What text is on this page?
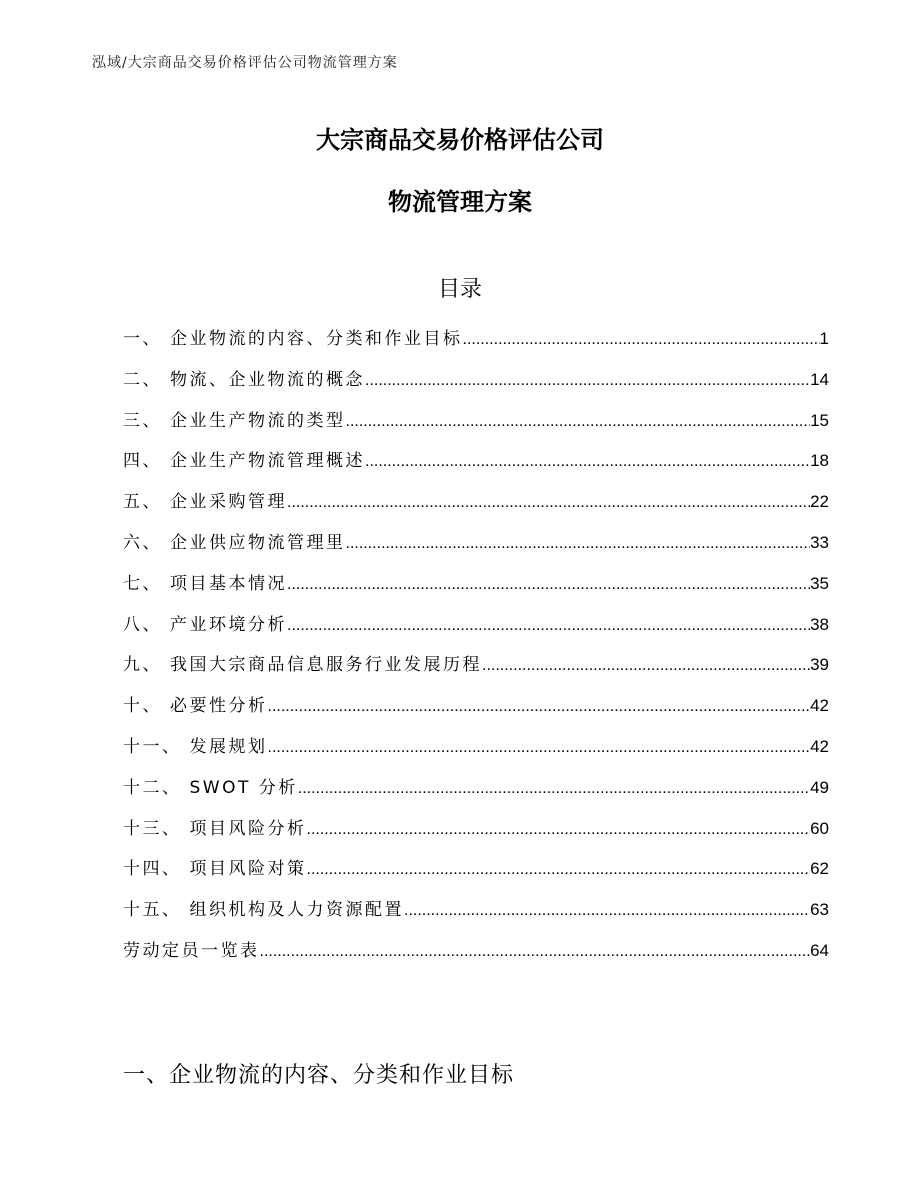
泓域/大宗商品交易价格评估公司物流管理方案
大宗商品交易价格评估公司
物流管理方案
目录
一、 企业物流的内容、分类和作业目标 .....	1
二、 物流、企业物流的概念 .....	14
三、 企业生产物流的类型 .....	15
四、 企业生产物流管理概述 .....	18
五、 企业采购管理 .....	22
六、 企业供应物流管理里 .....	33
七、 项目基本情况 .....	35
八、 产业环境分析 .....	38
九、 我国大宗商品信息服务行业发展历程 .....	39
十、 必要性分析 .....	42
十一、 发展规划 .....	42
十二、 SWOT 分析 .....	49
十三、 项目风险分析 .....	60
十四、 项目风险对策 .....	62
十五、 组织机构及人力资源配置 .....	63
劳动定员一览表 .....	64
一、企业物流的内容、分类和作业目标
